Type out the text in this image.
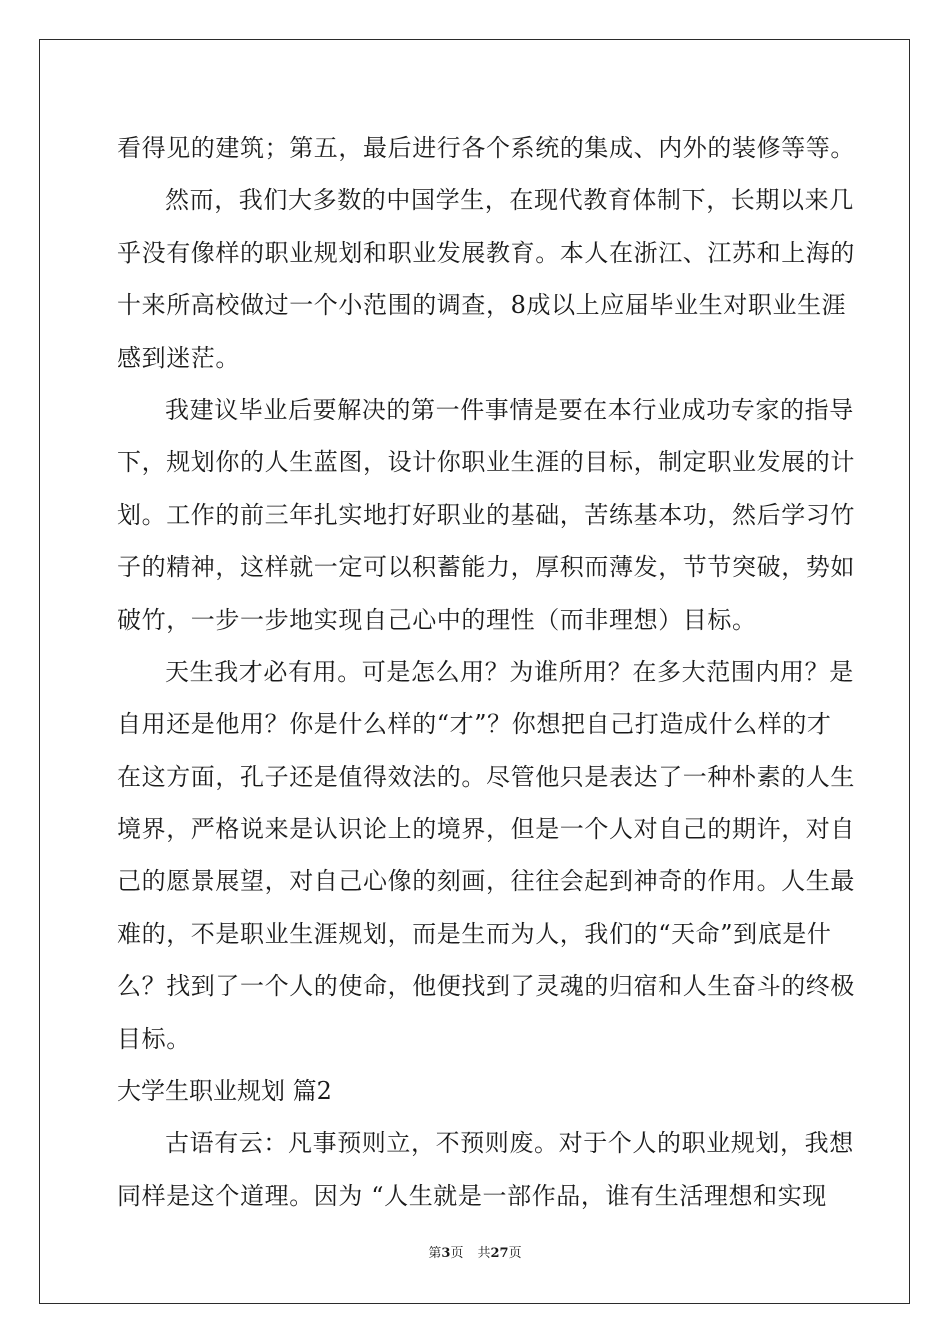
看得见的建筑；第五，最后进行各个系统的集成、内外的装修等等。
然而，我们大多数的中国学生，在现代教育体制下，长期以来几
乎没有像样的职业规划和职业发展教育。本人在浙江、江苏和上海的
十来所高校做过一个小范围的调查，8成以上应届毕业生对职业生涯
感到迷茫。
我建议毕业后要解决的第一件事情是要在本行业成功专家的指导
下，规划你的人生蓝图，设计你职业生涯的目标，制定职业发展的计
划。工作的前三年扎实地打好职业的基础，苦练基本功，然后学习竹
子的精神，这样就一定可以积蓄能力，厚积而薄发，节节突破，势如
破竹，一步一步地实现自己心中的理性（而非理想）目标。
天生我才必有用。可是怎么用？为谁所用？在多大范围内用？是
自用还是他用？你是什么样的“才”？你想把自己打造成什么样的才
在这方面，孔子还是值得效法的。尽管他只是表达了一种朴素的人生
境界，严格说来是认识论上的境界，但是一个人对自己的期许，对自
己的愿景展望，对自己心像的刻画，往往会起到神奇的作用。人生最
难的，不是职业生涯规划，而是生而为人，我们的“天命”到底是什
么？找到了一个人的使命，他便找到了灵魂的归宿和人生奋斗的终极
目标。
大学生职业规划 篇2
古语有云：凡事预则立，不预则废。对于个人的职业规划，我想
同样是这个道理。因为 “人生就是一部作品，谁有生活理想和实现
第3页 共27页
